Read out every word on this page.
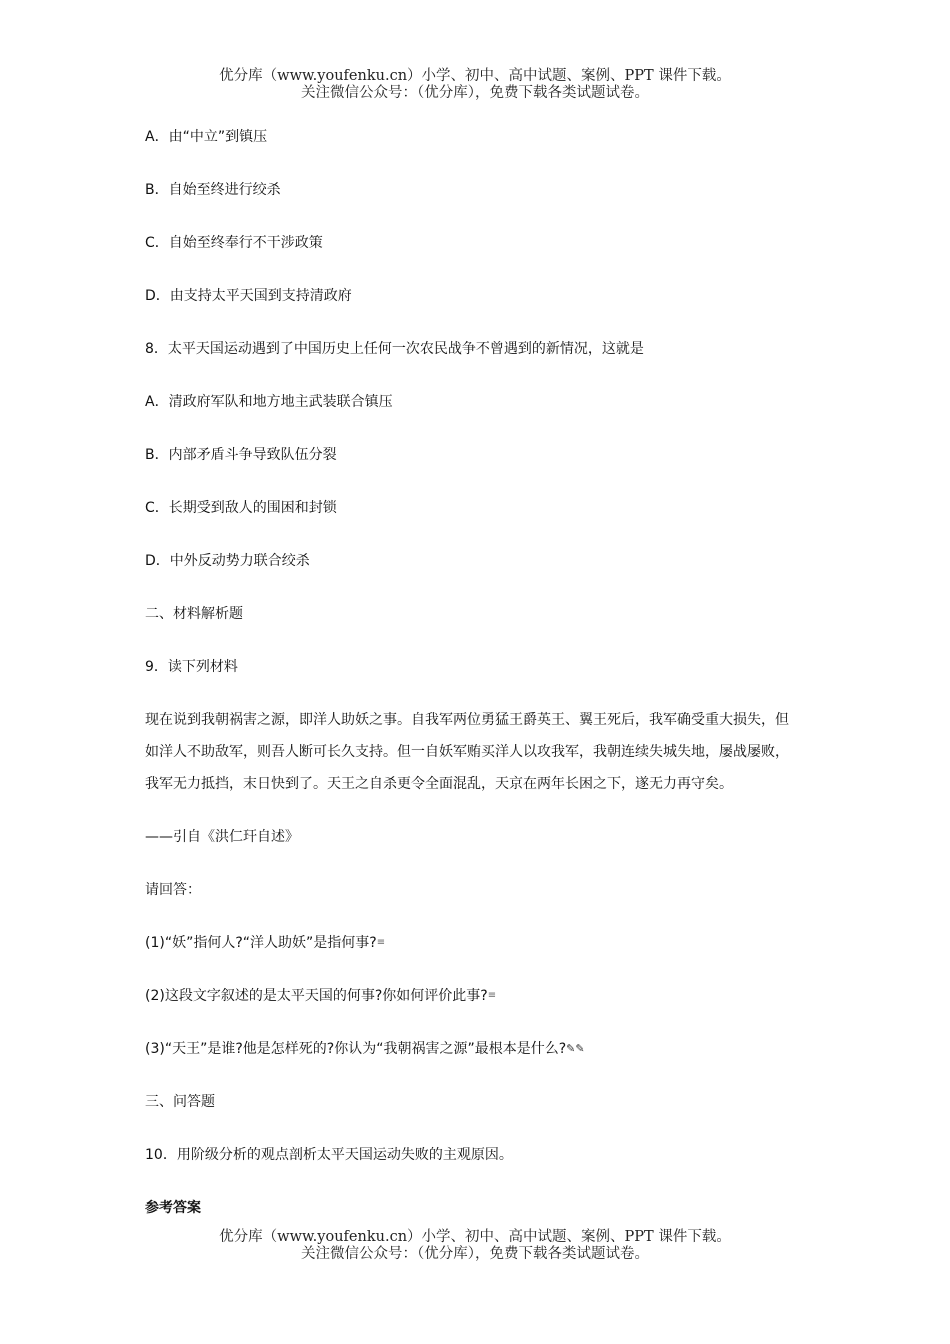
优分库（www.youfenku.cn）小学、初中、高中试题、案例、PPT 课件下载。
关注微信公众号：（优分库），免费下载各类试题试卷。
A．由“中立”到镇压
B．自始至终进行绞杀
C．自始至终奉行不干涉政策
D．由支持太平天国到支持清政府
8．太平天国运动遇到了中国历史上任何一次农民战争不曾遇到的新情况，这就是
A．清政府军队和地方地主武装联合镇压
B．内部矛盾斗争导致队伍分裂
C．长期受到敌人的围困和封锁
D．中外反动势力联合绞杀
二、材料解析题
9．读下列材料
现在说到我朝祸害之源，即洋人助妖之事。自我军两位勇猛王爵英王、翼王死后，我军确受重大损失，但
如洋人不助敌军，则吾人断可长久支持。但一自妖军贿买洋人以攻我军，我朝连续失城失地，屡战屡败，
我军无力抵挡，末日快到了。天王之自杀更令全面混乱，天京在两年长困之下，遂无力再守矣。
——引自《洪仁玕自述》
请回答：
(1)“妖”指何人?“洋人助妖”是指何事?≡
(2)这段文字叙述的是太平天国的何事?你如何评价此事?≡
(3)“天王”是谁?他是怎样死的?你认为“我朝祸害之源”最根本是什么?✎✎
三、问答题
10．用阶级分析的观点剖析太平天国运动失败的主观原因。
参考答案
优分库（www.youfenku.cn）小学、初中、高中试题、案例、PPT 课件下载。
关注微信公众号：（优分库），免费下载各类试题试卷。
